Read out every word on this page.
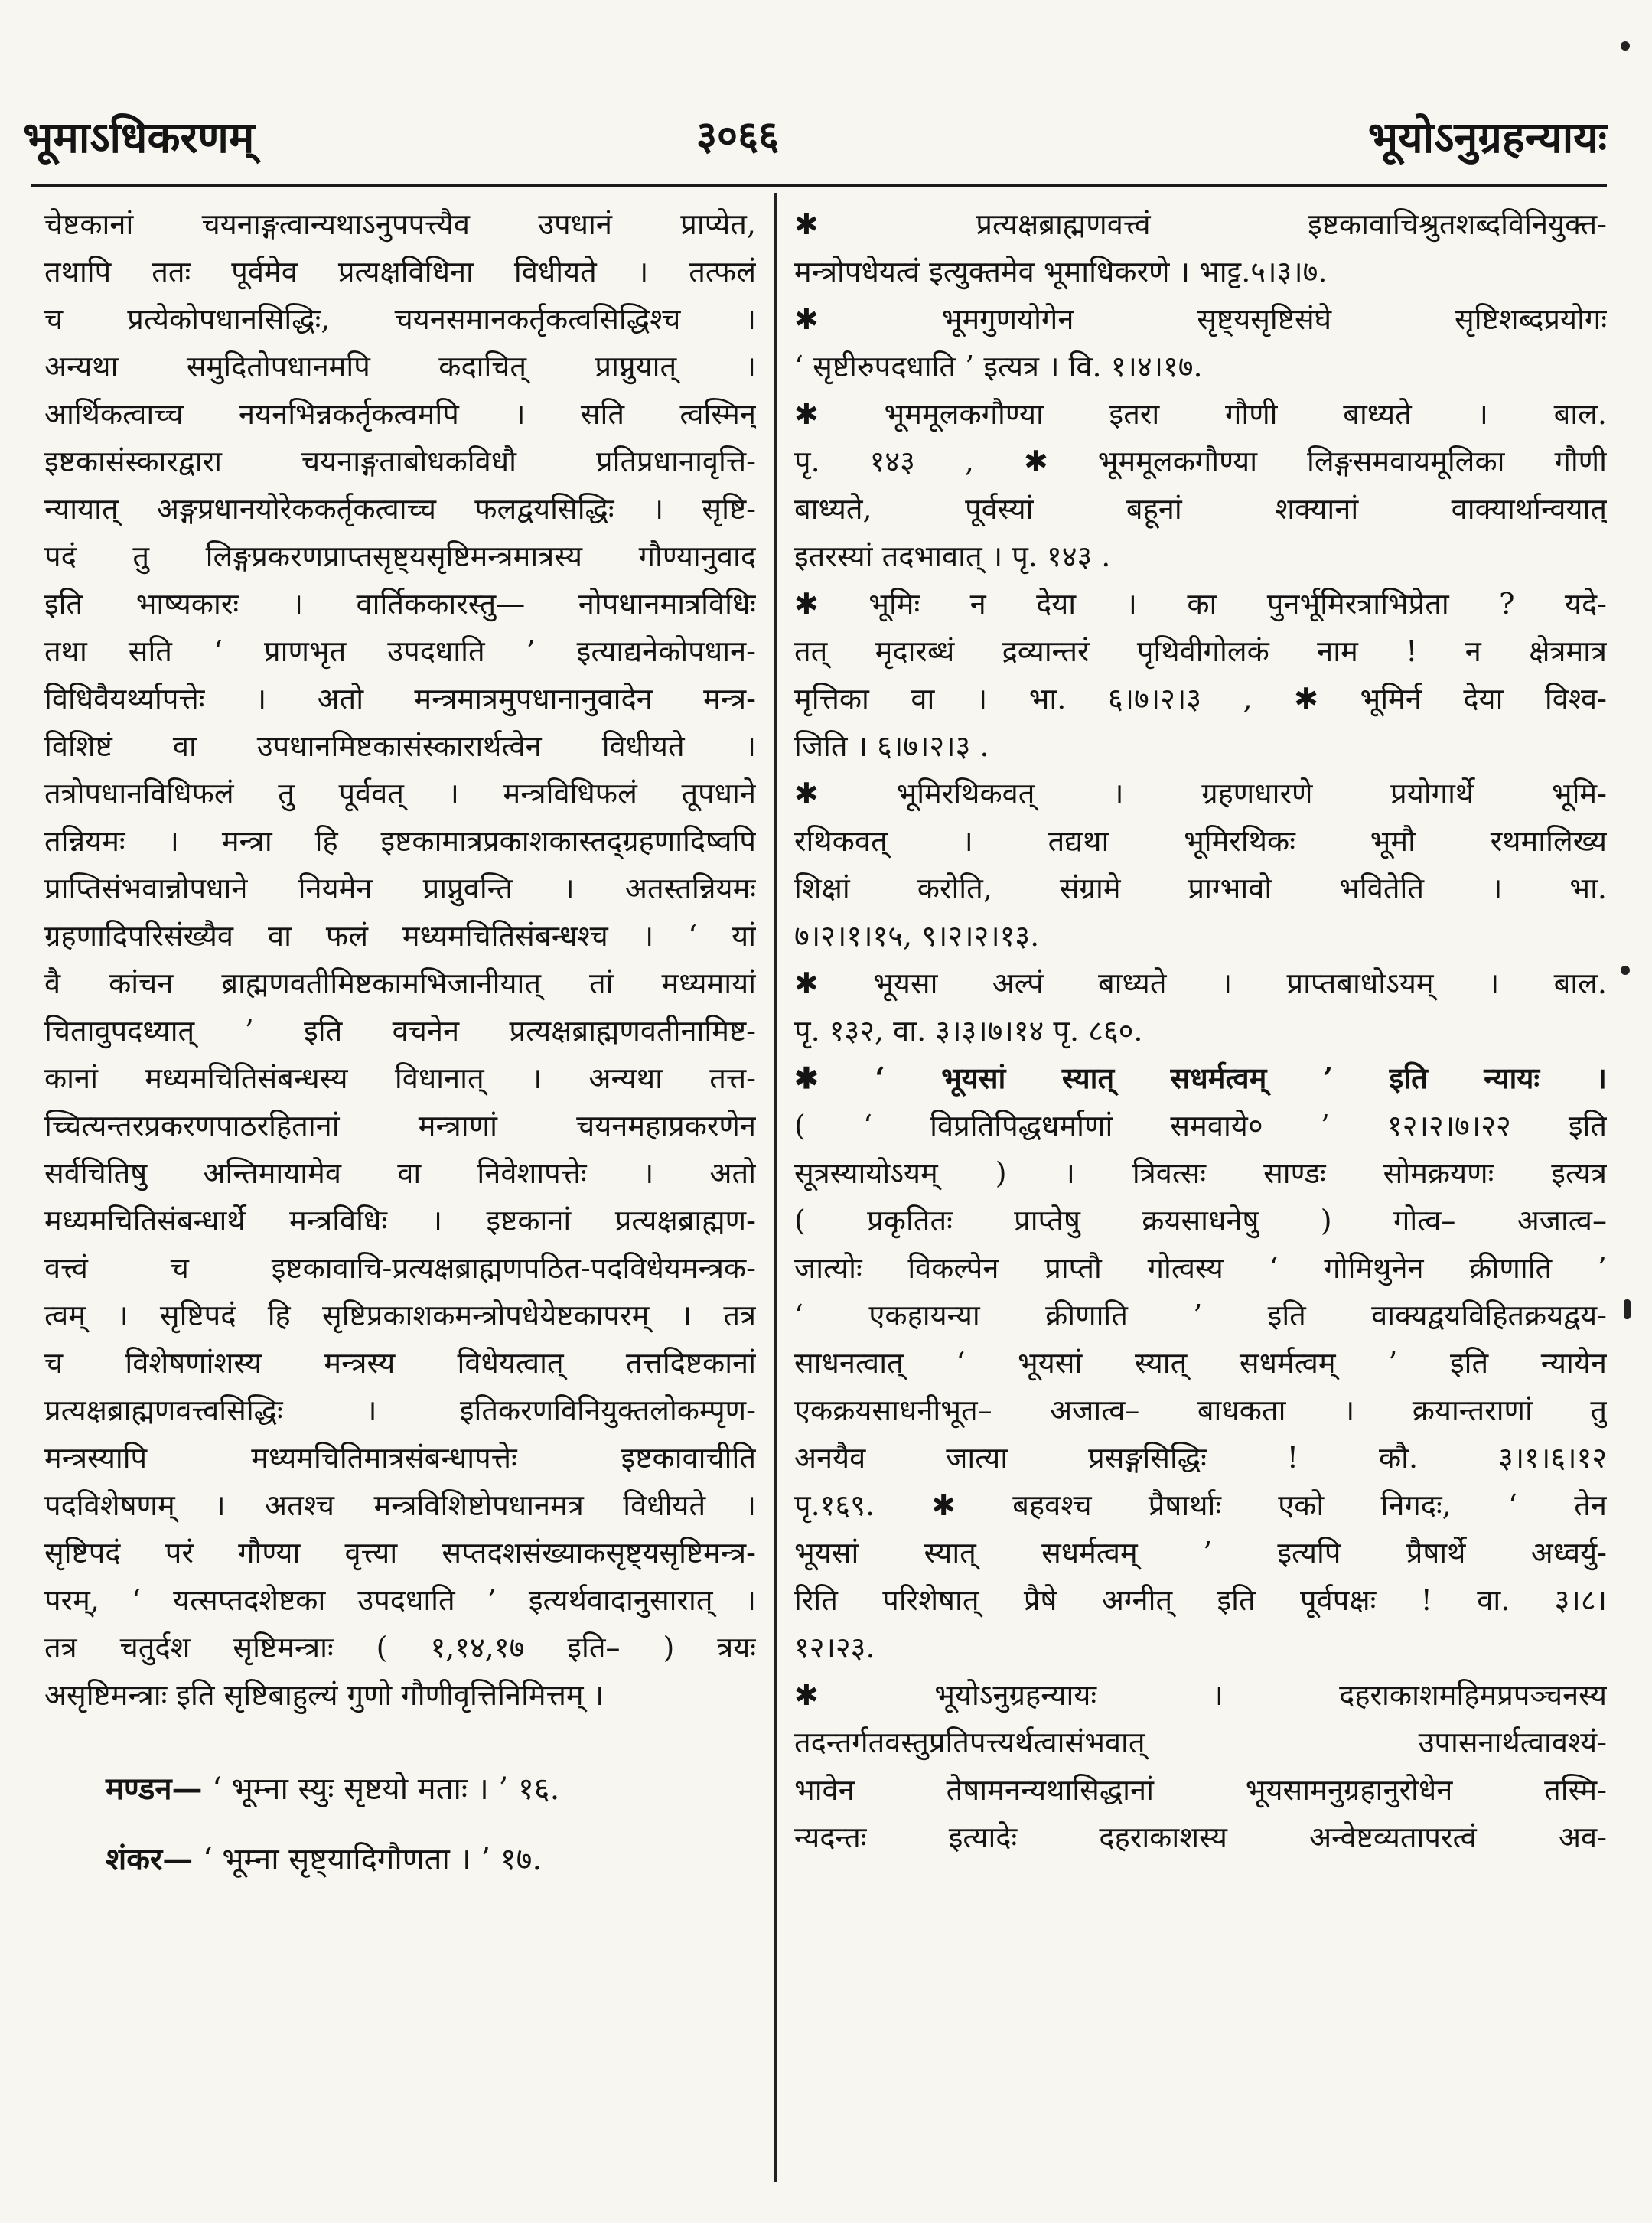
भूमाऽधिकरणम्	३०६६	भूयोऽनुग्रहन्यायः
चेष्टकानां चयनाङ्गत्वान्यथाऽनुपपत्त्यैव उपधानं प्राप्येत,
तथापि ततः पूर्वमेव प्रत्यक्षविधिना विधीयते । तत्फलं
च प्रत्येकोपधानसिद्धिः, चयनसमानकर्तृकत्वसिद्धिश्च ।
अन्यथा समुदितोपधानमपि कदाचित् प्राप्नुयात् ।
आर्थिकत्वाच्च नयनभिन्नकर्तृकत्वमपि । सति त्वस्मिन्
इष्टकासंस्कारद्वारा चयनाङ्गताबोधकविधौ प्रतिप्रधानावृत्ति-
न्यायात् अङ्गप्रधानयोरेककर्तृकत्वाच्च फलद्वयसिद्धिः । सृष्टि-
पदं तु लिङ्गप्रकरणप्राप्तसृष्ट्यसृष्टिमन्त्रमात्रस्य गौण्यानुवाद
इति भाष्यकारः । वार्तिककारस्तु— नोपधानमात्रविधिः
तथा सति ‘ प्राणभृत उपदधाति ’ इत्याद्यनेकोपधान-
विधिवैयर्थ्यापत्तेः । अतो मन्त्रमात्रमुपधानानुवादेन मन्त्र-
विशिष्टं वा उपधानमिष्टकासंस्कारार्थत्वेन विधीयते ।
तत्रोपधानविधिफलं तु पूर्ववत् । मन्त्रविधिफलं तूपधाने
तन्नियमः । मन्त्रा हि इष्टकामात्रप्रकाशकास्तद्ग्रहणादिष्वपि
प्राप्तिसंभवान्नोपधाने नियमेन प्राप्नुवन्ति । अतस्तन्नियमः
ग्रहणादिपरिसंख्यैव वा फलं मध्यमचितिसंबन्धश्च । ‘ यां
वै कांचन ब्राह्मणवतीमिष्टकामभिजानीयात् तां मध्यमायां
चितावुपदध्यात् ’ इति वचनेन प्रत्यक्षब्राह्मणवतीनामिष्ट-
कानां मध्यमचितिसंबन्धस्य विधानात् । अन्यथा तत्त-
च्चित्यन्तरप्रकरणपाठरहितानां मन्त्राणां चयनमहाप्रकरणेन
सर्वचितिषु अन्तिमायामेव वा निवेशापत्तेः । अतो
मध्यमचितिसंबन्धार्थे मन्त्रविधिः । इष्टकानां प्रत्यक्षब्राह्मण-
वत्त्वं च इष्टकावाचि-प्रत्यक्षब्राह्मणपठित-पदविधेयमन्त्रक-
त्वम् । सृष्टिपदं हि सृष्टिप्रकाशकमन्त्रोपधेयेष्टकापरम् । तत्र
च विशेषणांशस्य मन्त्रस्य विधेयत्वात् तत्तदिष्टकानां
प्रत्यक्षब्राह्मणवत्त्वसिद्धिः । इतिकरणविनियुक्तलोकम्पृण-
मन्त्रस्यापि मध्यमचितिमात्रसंबन्धापत्तेः इष्टकावाचीति
पदविशेषणम् । अतश्च मन्त्रविशिष्टोपधानमत्र विधीयते ।
सृष्टिपदं परं गौण्या वृत्त्या सप्तदशसंख्याकसृष्ट्यसृष्टिमन्त्र-
परम्, ‘ यत्सप्तदशेष्टका उपदधाति ’ इत्यर्थवादानुसारात् ।
तत्र चतुर्दश सृष्टिमन्त्राः ( १,१४,१७ इति– ) त्रयः
असृष्टिमन्त्राः इति सृष्टिबाहुल्यं गुणो गौणीवृत्तिनिमित्तम् ।
मण्डन— ‘ भूम्ना स्युः सृष्टयो मताः । ’ १६.
शंकर— ‘ भूम्ना सृष्ट्यादिगौणता । ’ १७.
✱ प्रत्यक्षब्राह्मणवत्त्वं इष्टकावाचिश्रुतशब्दविनियुक्त-
मन्त्रोपधेयत्वं इत्युक्तमेव भूमाधिकरणे । भाट्ट.५।३।७.
✱ भूमगुणयोगेन सृष्ट्यसृष्टिसंघे सृष्टिशब्दप्रयोगः
‘ सृष्टीरुपदधाति ’ इत्यत्र । वि. १।४।१७.
✱ भूममूलकगौण्या इतरा गौणी बाध्यते । बाल.
पृ. १४३ , ✱ भूममूलकगौण्या लिङ्गसमवायमूलिका गौणी
बाध्यते, पूर्वस्यां बहूनां शक्यानां वाक्यार्थान्वयात्
इतरस्यां तदभावात् । पृ. १४३ .
✱ भूमिः न देया । का पुनर्भूमिरत्राभिप्रेता ? यदे-
तत् मृदारब्धं द्रव्यान्तरं पृथिवीगोलकं नाम ! न क्षेत्रमात्र
मृत्तिका वा । भा. ६।७।२।३ , ✱ भूमिर्न देया विश्व-
जिति । ६।७।२।३ .
✱ भूमिरथिकवत् । ग्रहणधारणे प्रयोगार्थे भूमि-
रथिकवत् । तद्यथा भूमिरथिकः भूमौ रथमालिख्य
शिक्षां करोति, संग्रामे प्राग्भावो भवितेति । भा.
७।२।१।१५, ९।२।२।१३.
✱ भूयसा अल्पं बाध्यते । प्राप्तबाधोऽयम् । बाल.
पृ. १३२, वा. ३।३।७।१४ पृ. ८६०.
✱ ‘ भूयसां स्यात् सधर्मत्वम् ’ इति न्यायः ।
( ‘ विप्रतिपिद्धधर्माणां समवाये० ’ १२।२।७।२२ इति
सूत्रस्यायोऽयम् ) । त्रिवत्सः साण्डः सोमक्रयणः इत्यत्र
( प्रकृतितः प्राप्तेषु क्रयसाधनेषु ) गोत्व– अजात्व–
जात्योः विकल्पेन प्राप्तौ गोत्वस्य ‘ गोमिथुनेन क्रीणाति ’
‘ एकहायन्या क्रीणाति ’ इति वाक्यद्वयविहितक्रयद्वय-
साधनत्वात् ‘ भूयसां स्यात् सधर्मत्वम् ’ इति न्यायेन
एकक्रयसाधनीभूत– अजात्व– बाधकता । क्रयान्तराणां तु
अनयैव जात्या प्रसङ्गसिद्धिः ! कौ. ३।१।६।१२
पृ.१६९. ✱ बहवश्च प्रैषार्थाः एको निगदः, ‘ तेन
भूयसां स्यात् सधर्मत्वम् ’ इत्यपि प्रैषार्थे अध्वर्यु-
रिति परिशेषात् प्रैषे अग्नीत् इति पूर्वपक्षः ! वा. ३।८।
१२।२३.
✱ भूयोऽनुग्रहन्यायः । दहराकाशमहिमप्रपञ्चनस्य
तदन्तर्गतवस्तुप्रतिपत्त्यर्थत्वासंभवात् उपासनार्थत्वावश्यं-
भावेन तेषामनन्यथासिद्धानां भूयसामनुग्रहानुरोधेन तस्मि-
न्यदन्तः इत्यादेः दहराकाशस्य अन्वेष्टव्यतापरत्वं अव-
